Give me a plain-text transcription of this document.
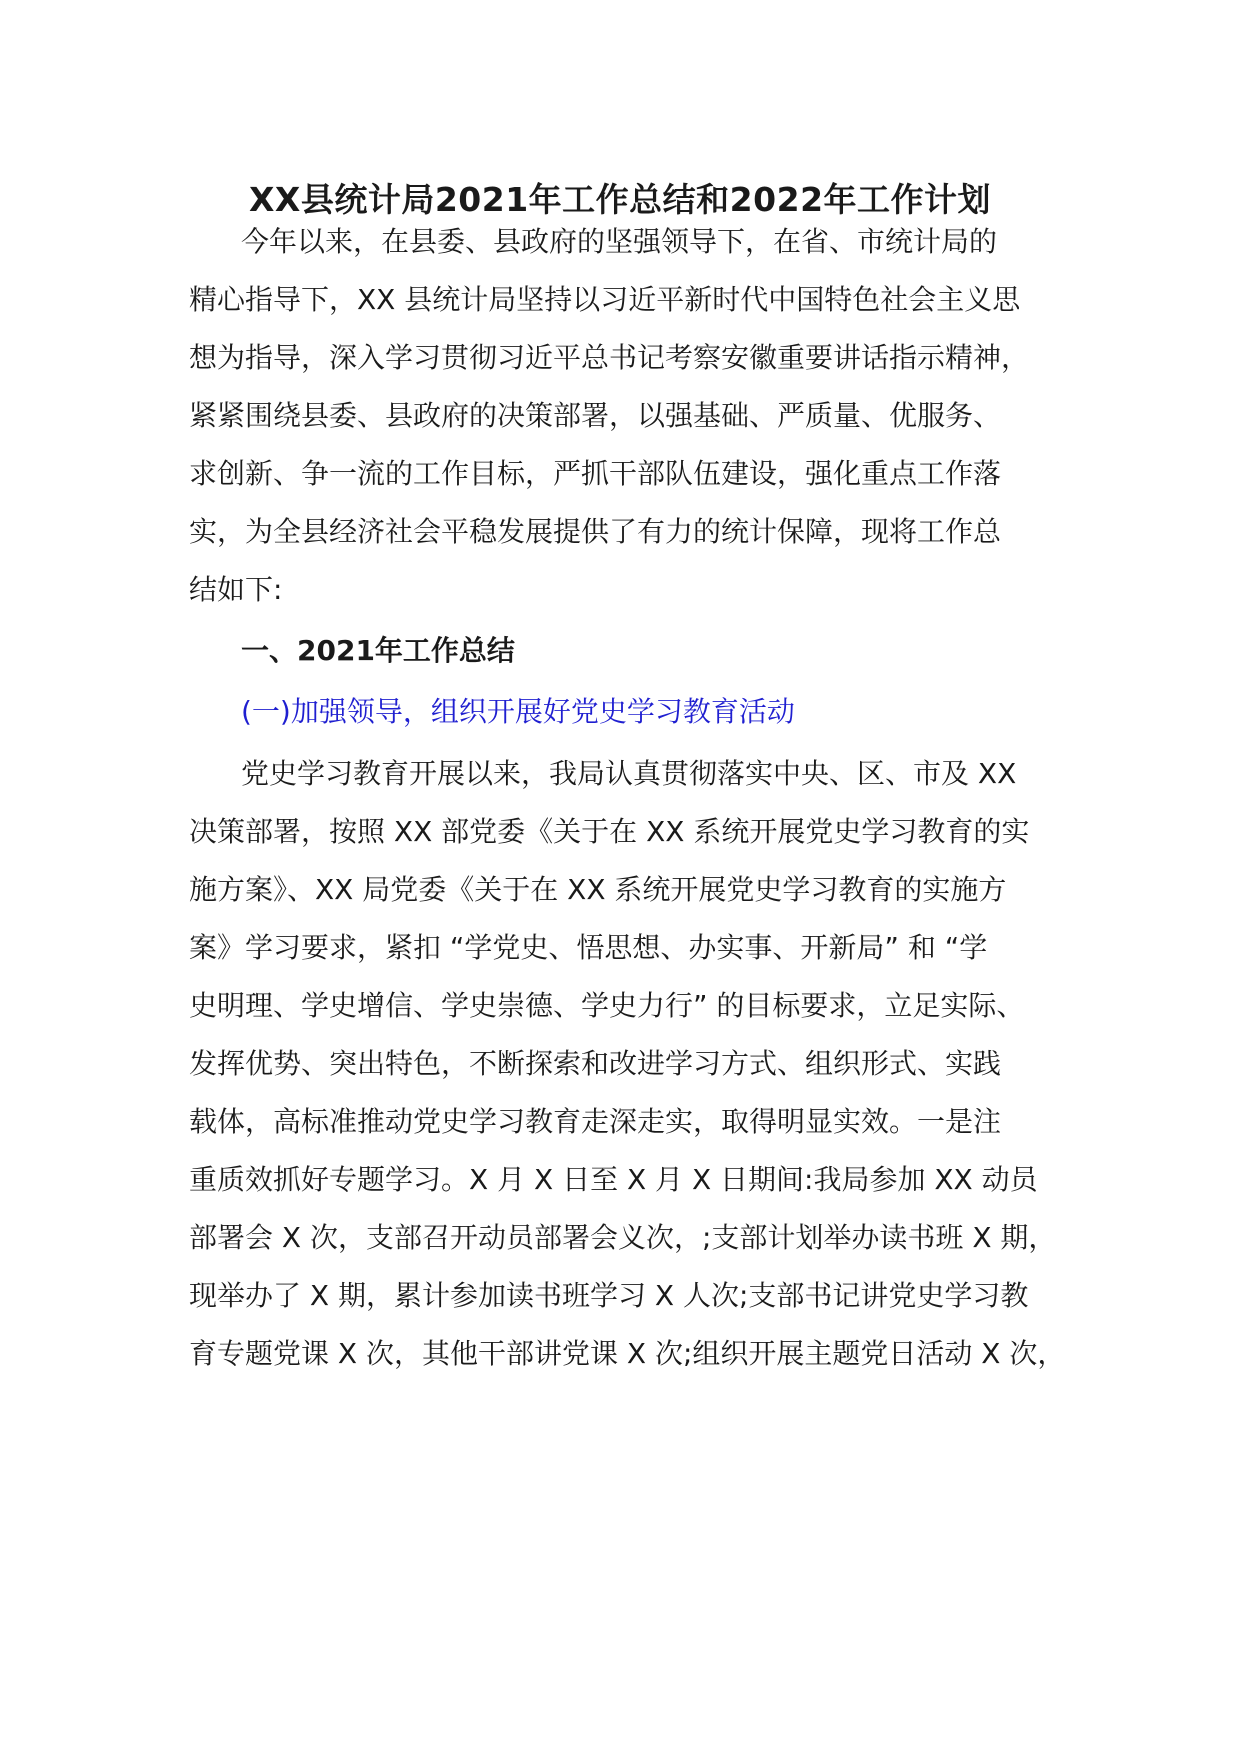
XX县统计局2021年工作总结和2022年工作计划
今年以来，在县委、县政府的坚强领导下，在省、市统计局的
精心指导下，XX 县统计局坚持以习近平新时代中国特色社会主义思
想为指导，深入学习贯彻习近平总书记考察安徽重要讲话指示精神，
紧紧围绕县委、县政府的决策部署，以强基础、严质量、优服务、
求创新、争一流的工作目标，严抓干部队伍建设，强化重点工作落
实，为全县经济社会平稳发展提供了有力的统计保障，现将工作总
结如下:
一、2021年工作总结
(一)加强领导，组织开展好党史学习教育活动
党史学习教育开展以来，我局认真贯彻落实中央、区、市及 XX
决策部署，按照 XX 部党委《关于在 XX 系统开展党史学习教育的实
施方案》、XX 局党委《关于在 XX 系统开展党史学习教育的实施方
案》学习要求，紧扣 “学党史、悟思想、办实事、开新局” 和 “学
史明理、学史增信、学史崇德、学史力行” 的目标要求，立足实际、
发挥优势、突出特色，不断探索和改进学习方式、组织形式、实践
载体，高标准推动党史学习教育走深走实，取得明显实效。一是注
重质效抓好专题学习。X 月 X 日至 X 月 X 日期间:我局参加 XX 动员
部署会 X 次，支部召开动员部署会义次，;支部计划举办读书班 X 期，
现举办了 X 期，累计参加读书班学习 X 人次;支部书记讲党史学习教
育专题党课 X 次，其他干部讲党课 X 次;组织开展主题党日活动 X 次，
